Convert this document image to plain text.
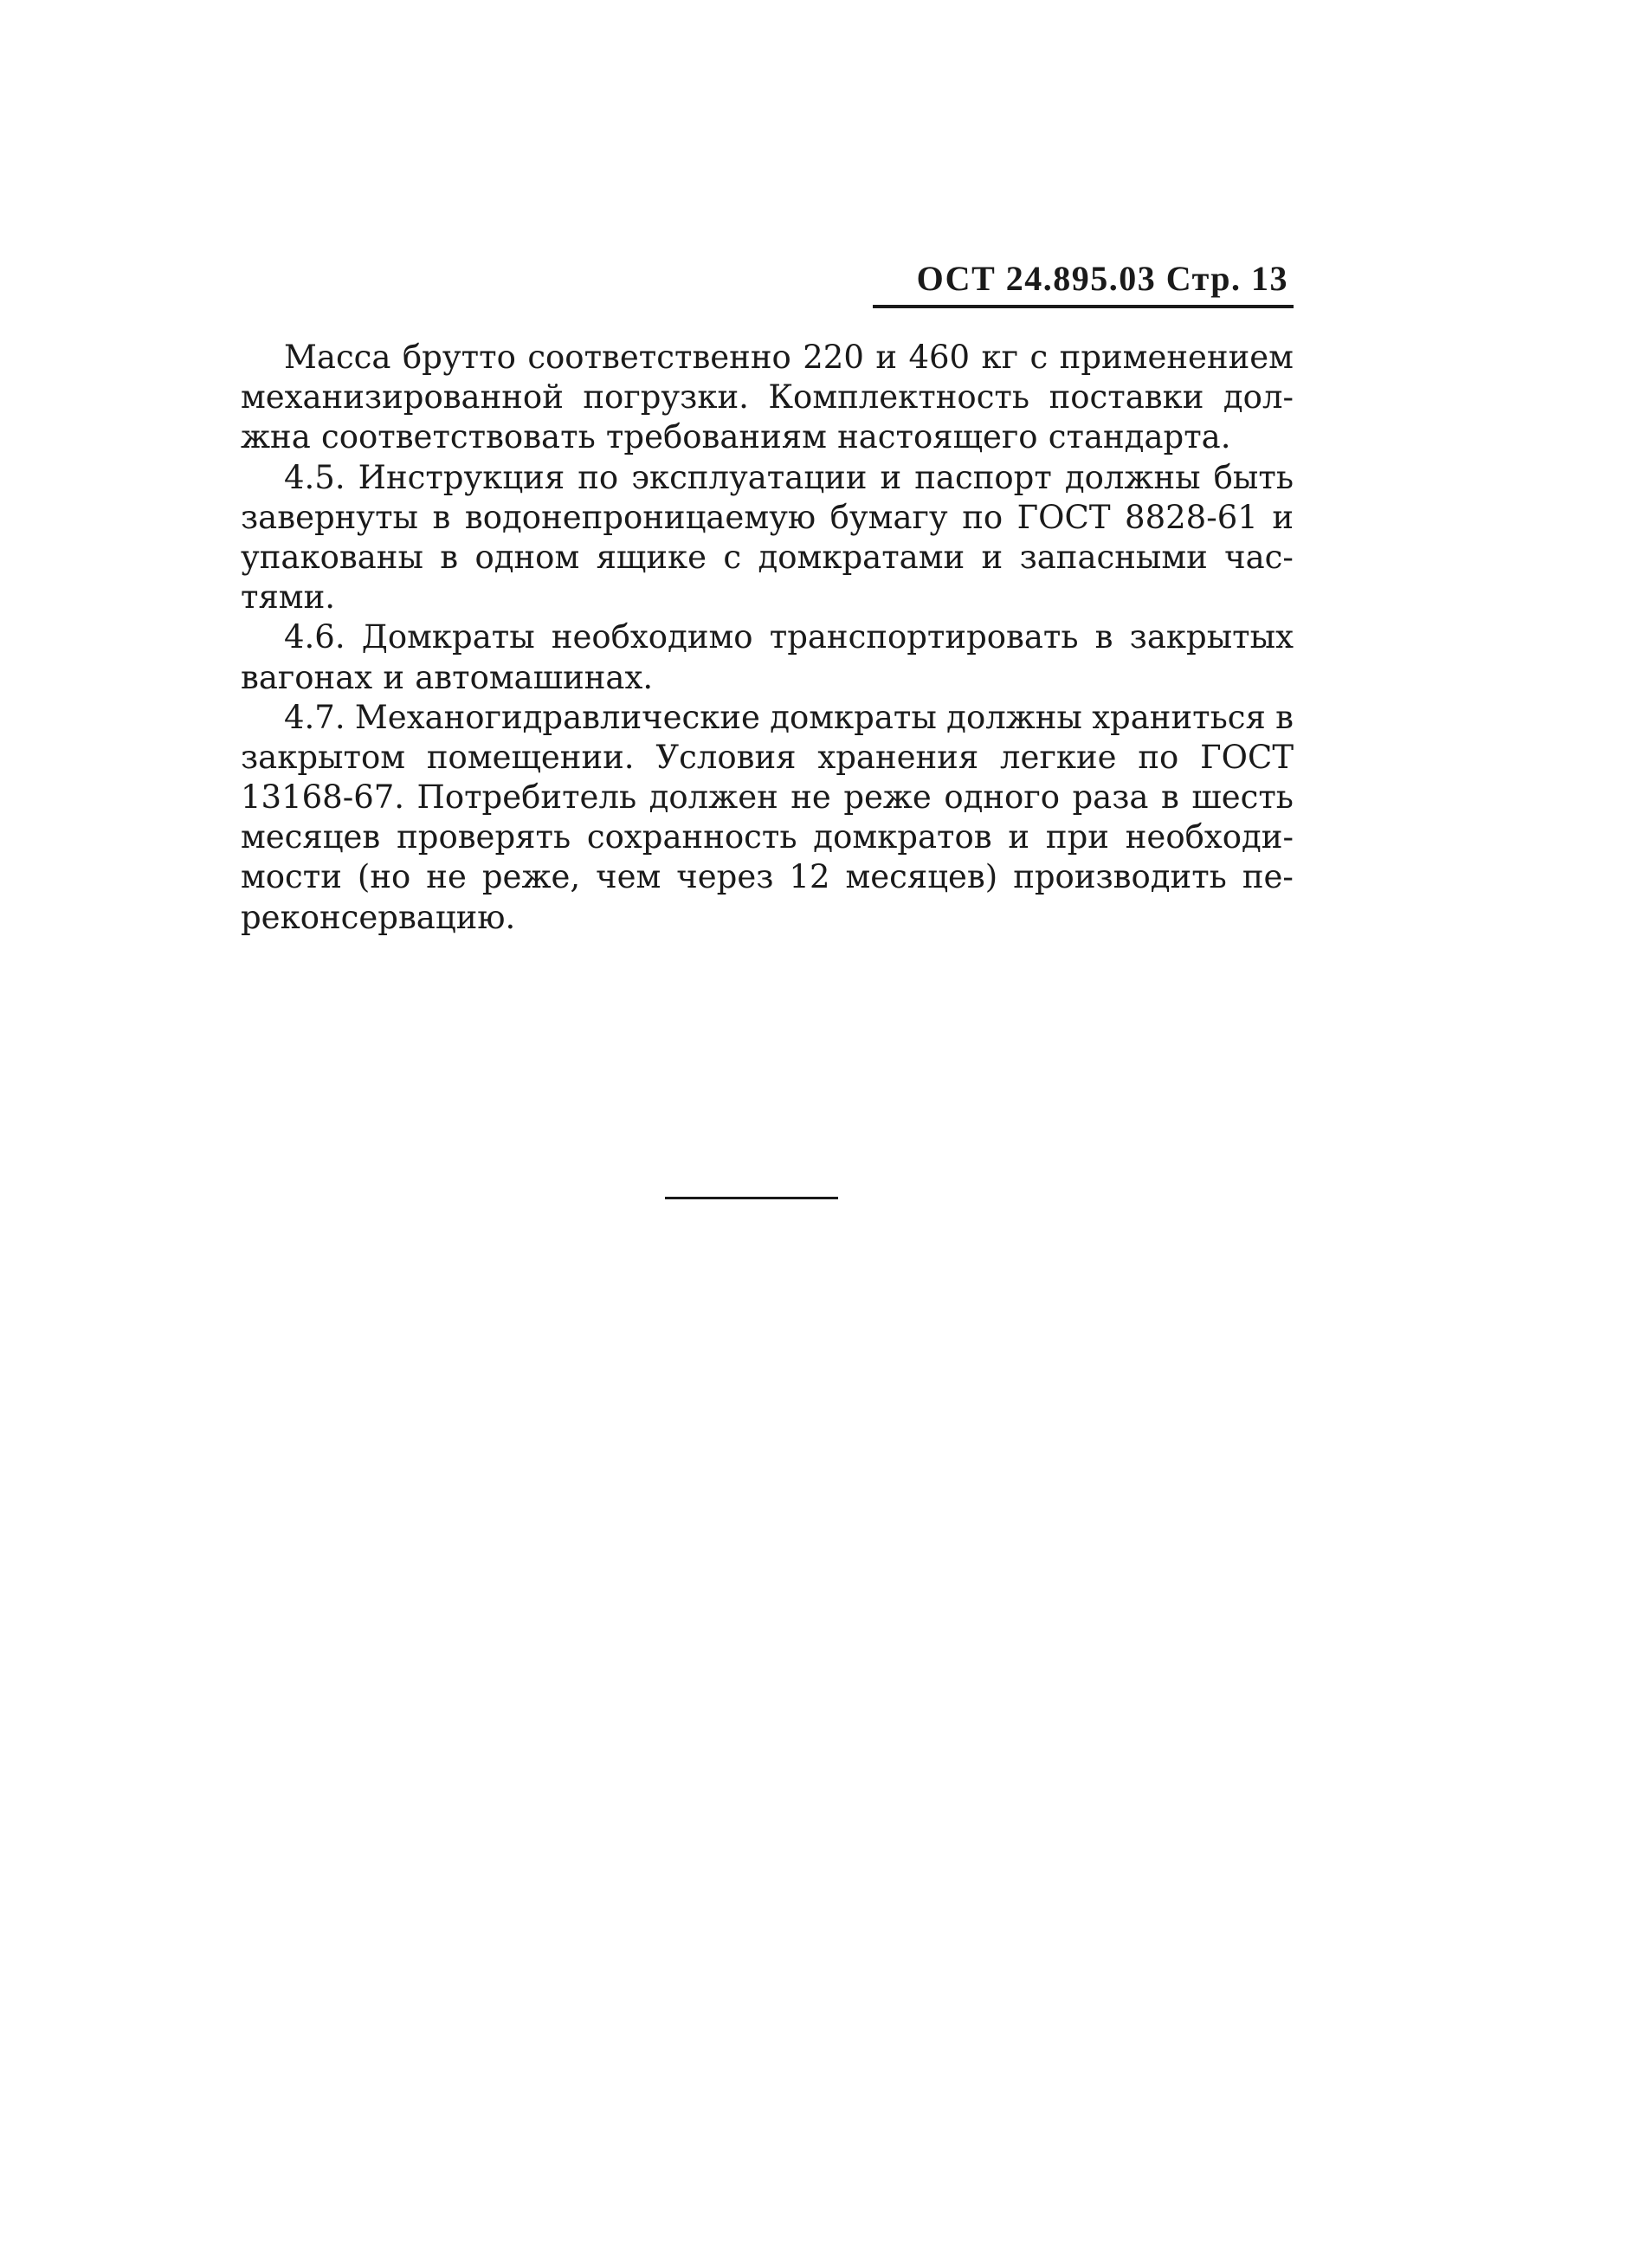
ОСТ 24.895.03 Стр. 13
Масса брутто соответственно 220 и 460 кг с применением
механизированной погрузки. Комплектность поставки дол-
жна соответствовать требованиям настоящего стандарта.
4.5. Инструкция по эксплуатации и паспорт должны быть
завернуты в водонепроницаемую бумагу по ГОСТ 8828-61 и
упакованы в одном ящике с домкратами и запасными час-
тями.
4.6. Домкраты необходимо транспортировать в закрытых
вагонах и автомашинах.
4.7. Механогидравлические домкраты должны храниться в
закрытом помещении. Условия хранения легкие по ГОСТ
13168-67. Потребитель должен не реже одного раза в шесть
месяцев проверять сохранность домкратов и при необходи-
мости (но не реже, чем через 12 месяцев) производить пе-
реконсервацию.
